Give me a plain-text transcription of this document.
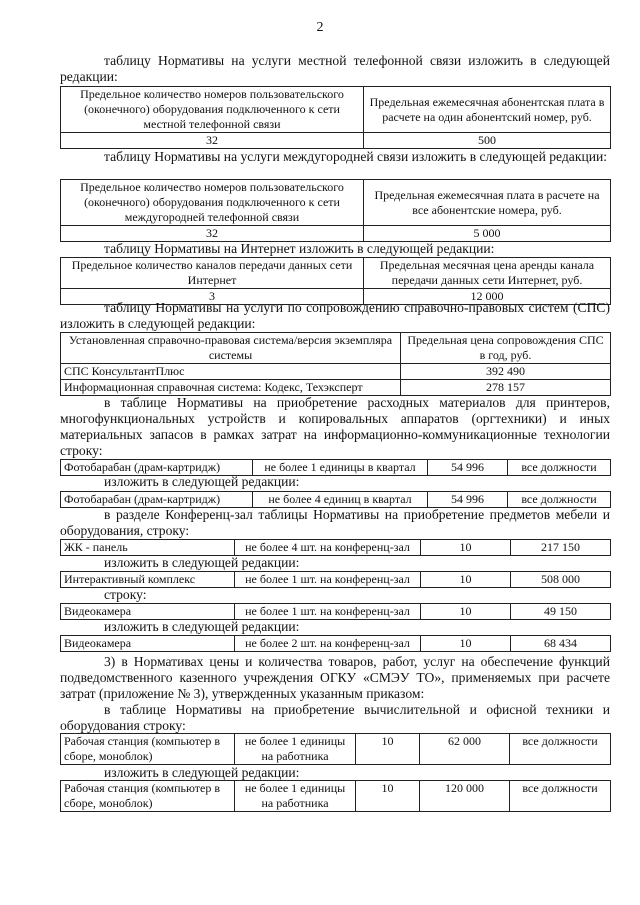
2

таблицу Нормативы на услуги местной телефонной связи изложить в следующей редакции:

Предельное количество номеров пользовательского (оконечного) оборудования подключенного к сети местной телефонной связи	Предельная ежемесячная абонентская плата в расчете на один абонентский номер, руб.
32	500

таблицу Нормативы на услуги междугородней связи изложить в следующей редакции:

Предельное количество номеров пользовательского (оконечного) оборудования подключенного к сети междугородней телефонной связи	Предельная ежемесячная плата в расчете на все абонентские номера, руб.
32	5 000

таблицу Нормативы на Интернет изложить в следующей редакции:

Предельное количество каналов передачи данных сети Интернет	Предельная месячная цена аренды канала передачи данных сети Интернет, руб.
3	12 000

таблицу Нормативы на услуги по сопровождению справочно-правовых систем (СПС) изложить в следующей редакции:

Установленная справочно-правовая система/версия экземпляра системы	Предельная цена сопровождения СПС в год, руб.
СПС КонсультантПлюс	392 490
Информационная справочная система: Кодекс, Техэксперт	278 157

в таблице Нормативы на приобретение расходных материалов для принтеров, многофункциональных устройств и копировальных аппаратов (оргтехники) и иных материальных запасов в рамках затрат на информационно-коммуникационные технологии строку:

Фотобарабан (драм-картридж)	не более 1 единицы в квартал	54 996	все должности

изложить в следующей редакции:

Фотобарабан (драм-картридж)	не более 4 единиц в квартал	54 996	все должности

в разделе Конференц-зал таблицы Нормативы на приобретение предметов мебели и оборудования, строку:

ЖК - панель	не более 4 шт. на конференц-зал	10	217 150

изложить в следующей редакции:

Интерактивный комплекс	не более 1 шт. на конференц-зал	10	508 000

строку:

Видеокамера	не более 1 шт. на конференц-зал	10	49 150

изложить в следующей редакции:

Видеокамера	не более 2 шт. на конференц-зал	10	68 434

3) в Нормативах цены и количества товаров, работ, услуг на обеспечение функций подведомственного казенного учреждения ОГКУ «СМЭУ ТО», применяемых при расчете затрат (приложение № 3), утвержденных указанным приказом:

в таблице Нормативы на приобретение вычислительной и офисной техники и оборудования строку:

Рабочая станция (компьютер в сборе, моноблок)	не более 1 единицы на работника	10	62 000	все должности

изложить в следующей редакции:

Рабочая станция (компьютер в сборе, моноблок)	не более 1 единицы на работника	10	120 000	все должности
